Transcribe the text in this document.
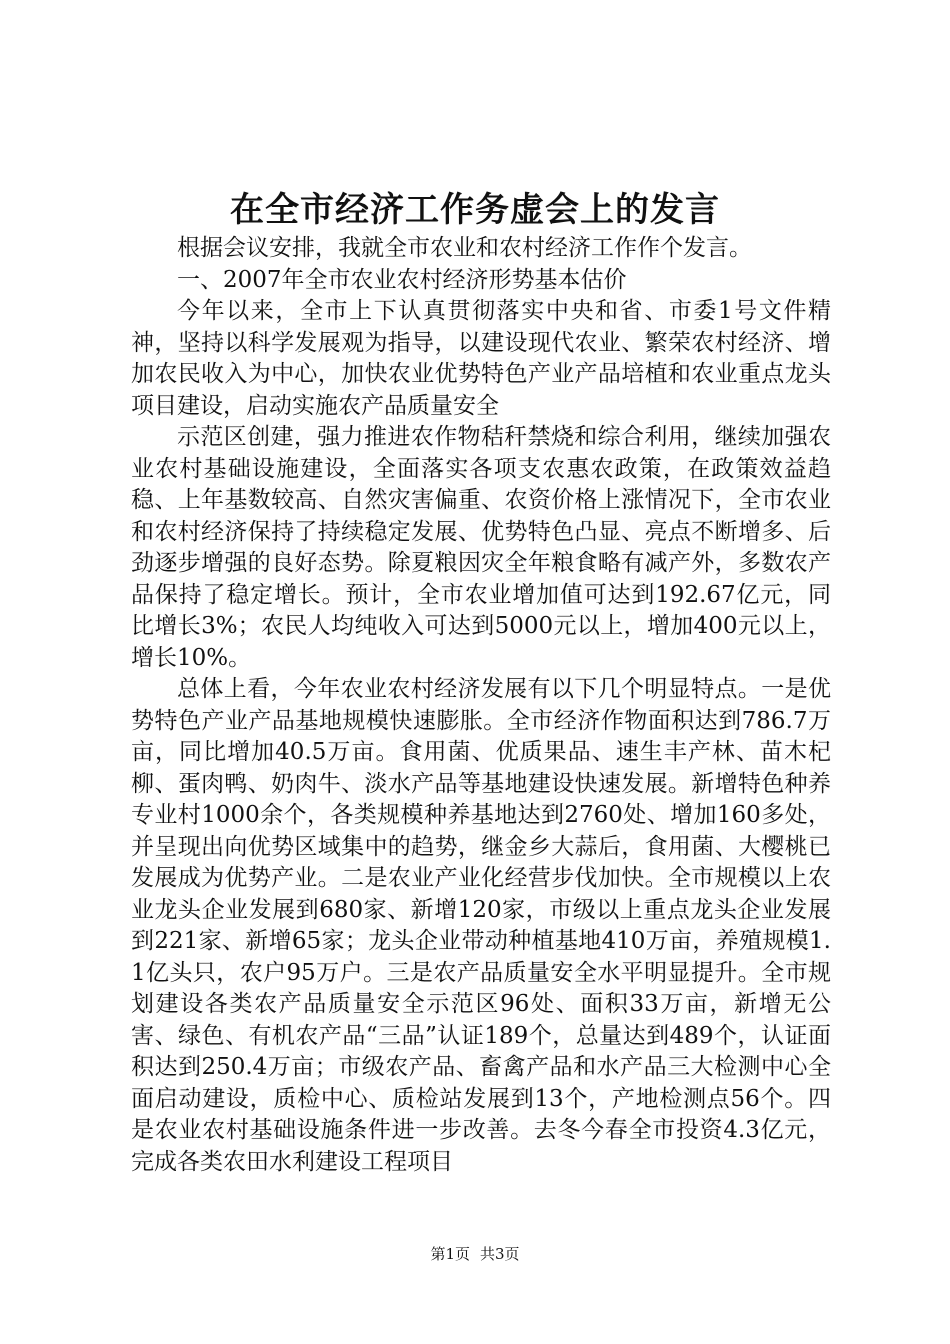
在全市经济工作务虚会上的发言

根据会议安排，我就全市农业和农村经济工作作个发言。

一、2007年全市农业农村经济形势基本估价

今年以来，全市上下认真贯彻落实中央和省、市委1号文件精神，坚持以科学发展观为指导，以建设现代农业、繁荣农村经济、增加农民收入为中心，加快农业优势特色产业产品培植和农业重点龙头项目建设，启动实施农产品质量安全

示范区创建，强力推进农作物秸秆禁烧和综合利用，继续加强农业农村基础设施建设，全面落实各项支农惠农政策，在政策效益趋稳、上年基数较高、自然灾害偏重、农资价格上涨情况下，全市农业和农村经济保持了持续稳定发展、优势特色凸显、亮点不断增多、后劲逐步增强的良好态势。除夏粮因灾全年粮食略有减产外，多数农产品保持了稳定增长。预计，全市农业增加值可达到192.67亿元，同比增长3%；农民人均纯收入可达到5000元以上，增加400元以上，增长10%。

总体上看，今年农业农村经济发展有以下几个明显特点。一是优势特色产业产品基地规模快速膨胀。全市经济作物面积达到786.7万亩，同比增加40.5万亩。食用菌、优质果品、速生丰产林、苗木杞柳、蛋肉鸭、奶肉牛、淡水产品等基地建设快速发展。新增特色种养专业村1000余个，各类规模种养基地达到2760处、增加160多处，并呈现出向优势区域集中的趋势，继金乡大蒜后，食用菌、大樱桃已发展成为优势产业。二是农业产业化经营步伐加快。全市规模以上农业龙头企业发展到680家、新增120家，市级以上重点龙头企业发展到221家、新增65家；龙头企业带动种植基地410万亩，养殖规模1.1亿头只，农户95万户。三是农产品质量安全水平明显提升。全市规划建设各类农产品质量安全示范区96处、面积33万亩，新增无公害、绿色、有机农产品“三品”认证189个，总量达到489个，认证面积达到250.4万亩；市级农产品、畜禽产品和水产品三大检测中心全面启动建设，质检中心、质检站发展到13个，产地检测点56个。四是农业农村基础设施条件进一步改善。去冬今春全市投资4.3亿元，完成各类农田水利建设工程项目

第1页 共3页
